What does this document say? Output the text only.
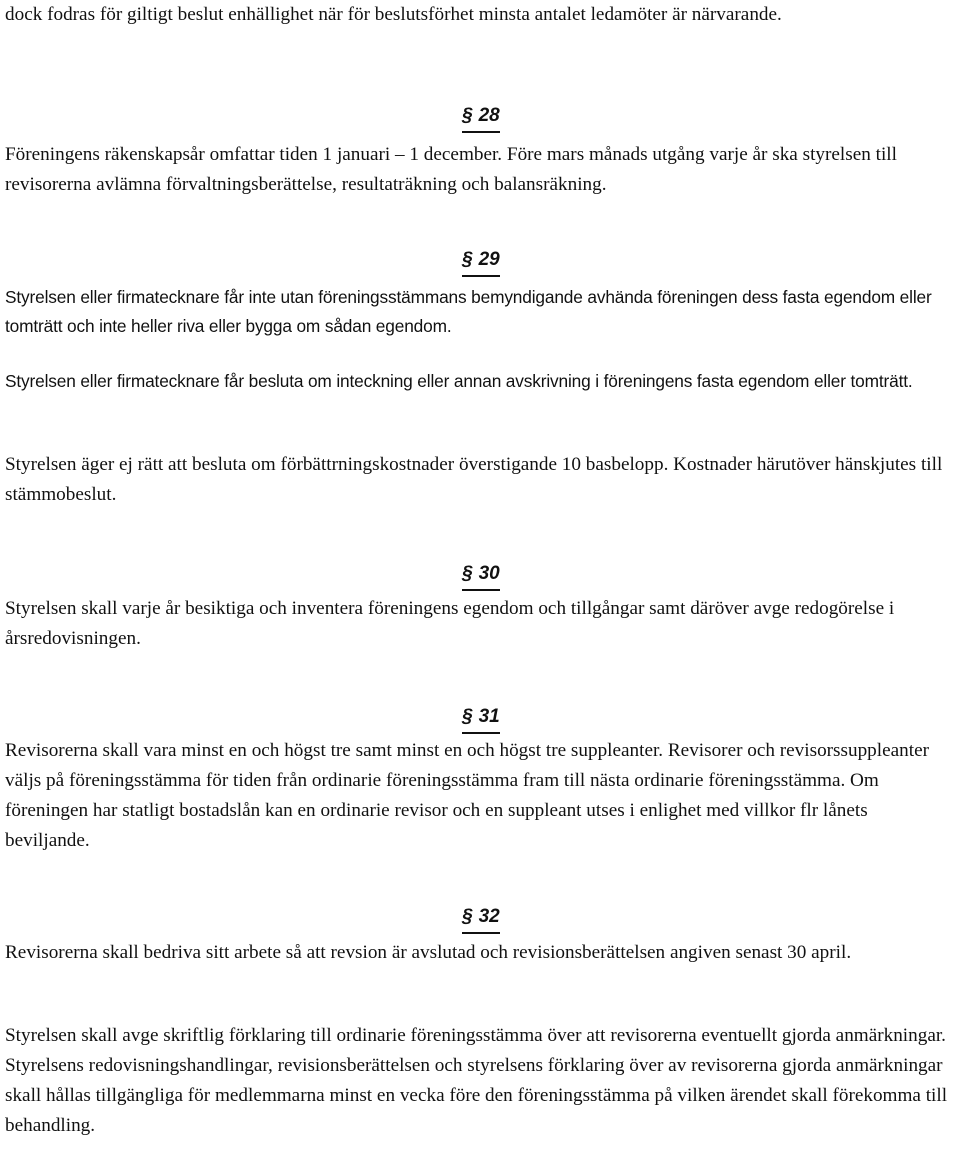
dock fodras för giltigt beslut enhällighet när för beslutsförhet minsta antalet ledamöter är närvarande.

§ 28

Föreningens räkenskapsår omfattar tiden 1 januari – 1 december. Före mars månads utgång varje år ska styrelsen till revisorerna avlämna förvaltningsberättelse, resultaträkning och balansräkning.

§ 29

Styrelsen eller firmatecknare får inte utan föreningsstämmans bemyndigande avhända föreningen dess fasta egendom eller tomträtt och inte heller riva eller bygga om sådan egendom.

Styrelsen eller firmatecknare får besluta om inteckning eller annan avskrivning i föreningens fasta egendom eller tomträtt.

Styrelsen äger ej rätt att besluta om förbättrningskostnader överstigande 10 basbelopp. Kostnader härutöver hänskjutes till stämmobeslut.

§ 30

Styrelsen skall varje år besiktiga och inventera föreningens egendom och tillgångar samt däröver avge redogörelse i årsredovisningen.

§ 31

Revisorerna skall vara minst en och högst tre samt minst en och högst tre suppleanter. Revisorer och revisorssuppleanter väljs på föreningsstämma för tiden från ordinarie föreningsstämma fram till nästa ordinarie föreningsstämma. Om föreningen har statligt bostadslån kan en ordinarie revisor och en suppleant utses i enlighet med villkor flr lånets beviljande.

§ 32

Revisorerna skall bedriva sitt arbete så att revsion är avslutad och revisionsberättelsen angiven senast 30 april.

Styrelsen skall avge skriftlig förklaring till ordinarie föreningsstämma över att revisorerna eventuellt gjorda anmärkningar. Styrelsens redovisningshandlingar, revisionsberättelsen och styrelsens förklaring över av revisorerna gjorda anmärkningar skall hållas tillgängliga för medlemmarna minst en vecka före den föreningsstämma på vilken ärendet skall förekomma till behandling.
